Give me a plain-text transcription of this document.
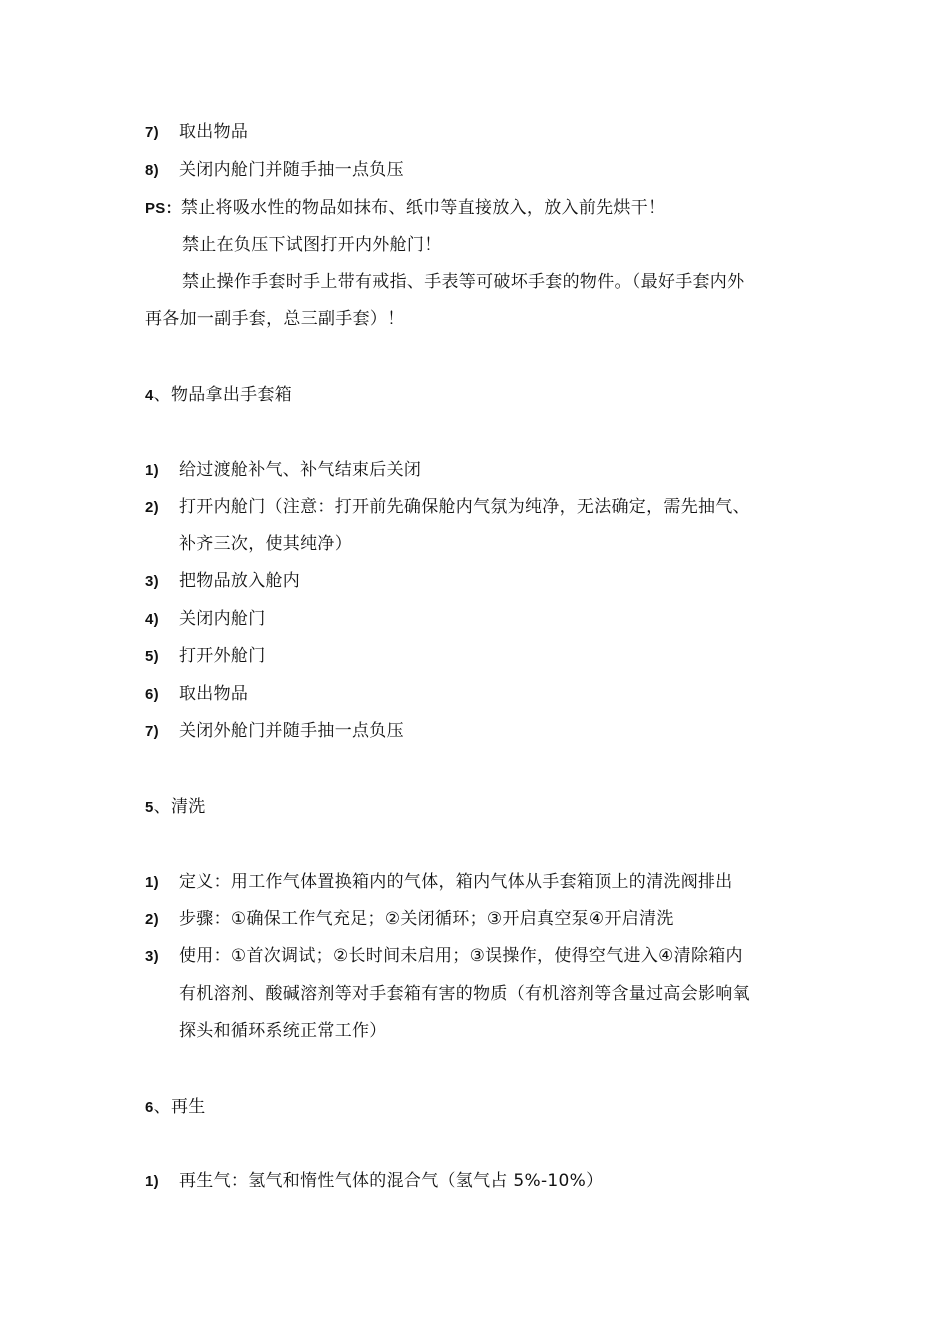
7) 取出物品
8) 关闭内舱门并随手抽一点负压
PS：禁止将吸水性的物品如抹布、纸巾等直接放入，放入前先烘干！
禁止在负压下试图打开内外舱门！
禁止操作手套时手上带有戒指、手表等可破坏手套的物件。（最好手套内外
再各加一副手套，总三副手套）！
4、物品拿出手套箱
1) 给过渡舱补气、补气结束后关闭
2) 打开内舱门（注意：打开前先确保舱内气氛为纯净，无法确定，需先抽气、
补齐三次，使其纯净）
3) 把物品放入舱内
4) 关闭内舱门
5) 打开外舱门
6) 取出物品
7) 关闭外舱门并随手抽一点负压
5、清洗
1) 定义：用工作气体置换箱内的气体，箱内气体从手套箱顶上的清洗阀排出
2) 步骤：①确保工作气充足；②关闭循环；③开启真空泵④开启清洗
3) 使用：①首次调试；②长时间未启用；③误操作，使得空气进入④清除箱内
有机溶剂、酸碱溶剂等对手套箱有害的物质（有机溶剂等含量过高会影响氧
探头和循环系统正常工作）
6、再生
1) 再生气：氢气和惰性气体的混合气（氢气占 5%-10%）
